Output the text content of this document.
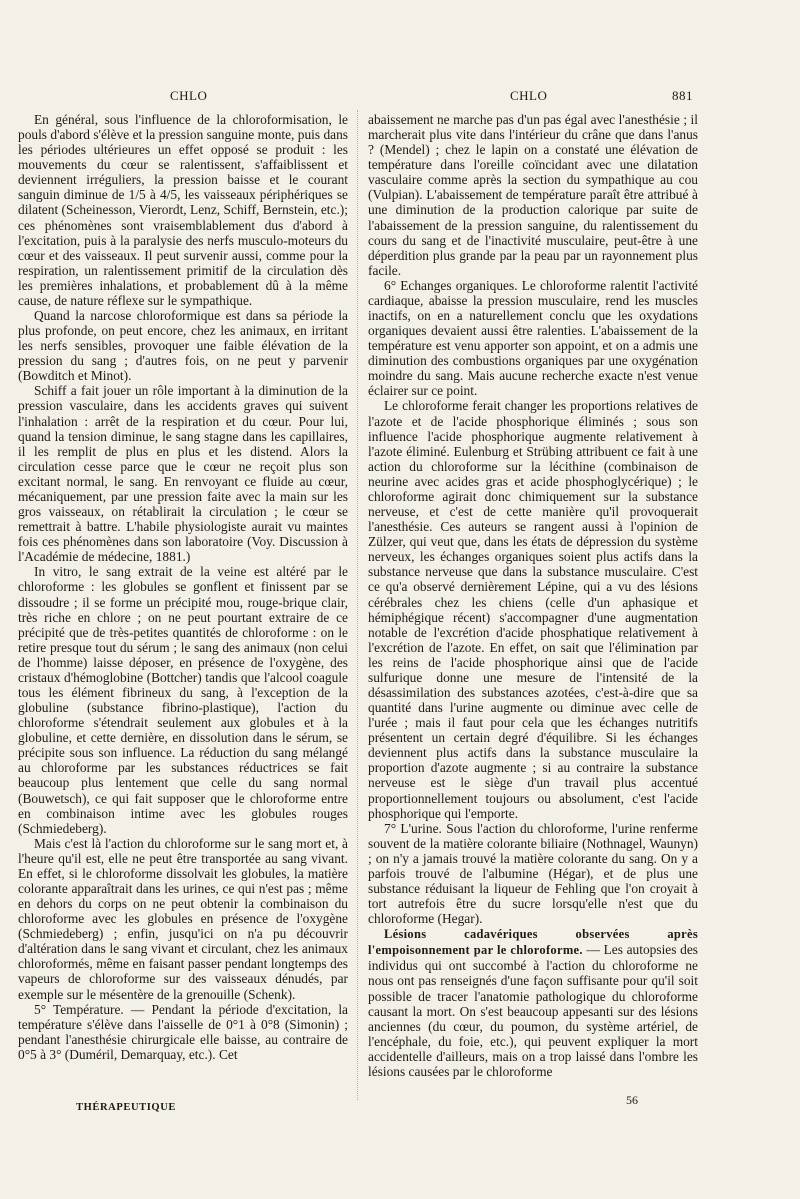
CHLO	CHLO	881

En général, sous l'influence de la chloroformisation, le pouls d'abord s'élève et la pression sanguine monte, puis dans les périodes ultérieures un effet opposé se produit : les mouvements du cœur se ralentissent, s'affaiblissent et deviennent irréguliers, la pression baisse et le courant sanguin diminue de 1/5 à 4/5, les vaisseaux périphériques se dilatent (Scheinesson, Vierordt, Lenz, Schiff, Bernstein, etc.); ces phénomènes sont vraisemblablement dus d'abord à l'excitation, puis à la paralysie des nerfs musculo-moteurs du cœur et des vaisseaux. Il peut survenir aussi, comme pour la respiration, un ralentissement primitif de la circulation dès les premières inhalations, et probablement dû à la même cause, de nature réflexe sur le sympathique.

Quand la narcose chloroformique est dans sa période la plus profonde, on peut encore, chez les animaux, en irritant les nerfs sensibles, provoquer une faible élévation de la pression du sang ; d'autres fois, on ne peut y parvenir (Bowditch et Minot).

Schiff a fait jouer un rôle important à la diminution de la pression vasculaire, dans les accidents graves qui suivent l'inhalation : arrêt de la respiration et du cœur. Pour lui, quand la tension diminue, le sang stagne dans les capillaires, il les remplit de plus en plus et les distend. Alors la circulation cesse parce que le cœur ne reçoit plus son excitant normal, le sang. En renvoyant ce fluide au cœur, mécaniquement, par une pression faite avec la main sur les gros vaisseaux, on rétablirait la circulation ; le cœur se remettrait à battre. L'habile physiologiste aurait vu maintes fois ces phénomènes dans son laboratoire (Voy. Discussion à l'Académie de médecine, 1881.)

In vitro, le sang extrait de la veine est altéré par le chloroforme : les globules se gonflent et finissent par se dissoudre ; il se forme un précipité mou, rouge-brique clair, très riche en chlore ; on ne peut pourtant extraire de ce précipité que de très-petites quantités de chloroforme : on le retire presque tout du sérum ; le sang des animaux (non celui de l'homme) laisse déposer, en présence de l'oxygène, des cristaux d'hémoglobine (Bottcher) tandis que l'alcool coagule tous les élément fibrineux du sang, à l'exception de la globuline (substance fibrino-plastique), l'action du chloroforme s'étendrait seulement aux globules et à la globuline, et cette dernière, en dissolution dans le sérum, se précipite sous son influence. La réduction du sang mélangé au chloroforme par les substances réductrices se fait beaucoup plus lentement que celle du sang normal (Bouwetsch), ce qui fait supposer que le chloroforme entre en combinaison intime avec les globules rouges (Schmiedeberg).

Mais c'est là l'action du chloroforme sur le sang mort et, à l'heure qu'il est, elle ne peut être transportée au sang vivant. En effet, si le chloroforme dissolvait les globules, la matière colorante apparaîtrait dans les urines, ce qui n'est pas ; même en dehors du corps on ne peut obtenir la combinaison du chloroforme avec les globules en présence de l'oxygène (Schmiedeberg) ; enfin, jusqu'ici on n'a pu découvrir d'altération dans le sang vivant et circulant, chez les animaux chloroformés, même en faisant passer pendant longtemps des vapeurs de chloroforme sur des vaisseaux dénudés, par exemple sur le mésentère de la grenouille (Schenk).

5° Température. — Pendant la période d'excitation, la température s'élève dans l'aisselle de 0°1 à 0°8 (Simonin) ; pendant l'anesthésie chirurgicale elle baisse, au contraire de 0°5 à 3° (Duméril, Demarquay, etc.). Cet

abaissement ne marche pas d'un pas égal avec l'anesthésie ; il marcherait plus vite dans l'intérieur du crâne que dans l'anus ? (Mendel) ; chez le lapin on a constaté une élévation de température dans l'oreille coïncidant avec une dilatation vasculaire comme après la section du sympathique au cou (Vulpian). L'abaissement de température paraît être attribué à une diminution de la production calorique par suite de l'abaissement de la pression sanguine, du ralentissement du cours du sang et de l'inactivité musculaire, peut-être à une déperdition plus grande par la peau par un rayonnement plus facile.

6° Echanges organiques. Le chloroforme ralentit l'activité cardiaque, abaisse la pression musculaire, rend les muscles inactifs, on en a naturellement conclu que les oxydations organiques devaient aussi être ralenties. L'abaissement de la température est venu apporter son appoint, et on a admis une diminution des combustions organiques par une oxygénation moindre du sang. Mais aucune recherche exacte n'est venue éclairer sur ce point.

Le chloroforme ferait changer les proportions relatives de l'azote et de l'acide phosphorique éliminés ; sous son influence l'acide phosphorique augmente relativement à l'azote éliminé. Eulenburg et Strübing attribuent ce fait à une action du chloroforme sur la lécithine (combinaison de neurine avec acides gras et acide phosphoglycérique) ; le chloroforme agirait donc chimiquement sur la substance nerveuse, et c'est de cette manière qu'il provoquerait l'anesthésie. Ces auteurs se rangent aussi à l'opinion de Zülzer, qui veut que, dans les états de dépression du système nerveux, les échanges organiques soient plus actifs dans la substance nerveuse que dans la substance musculaire. C'est ce qu'a observé dernièrement Lépine, qui a vu des lésions cérébrales chez les chiens (celle d'un aphasique et hémiphégique récent) s'accompagner d'une augmentation notable de l'excrétion d'acide phosphatique relativement à l'excrétion de l'azote. En effet, on sait que l'élimination par les reins de l'acide phosphorique ainsi que de l'acide sulfurique donne une mesure de l'intensité de la désassimilation des substances azotées, c'est-à-dire que sa quantité dans l'urine augmente ou diminue avec celle de l'urée ; mais il faut pour cela que les échanges nutritifs présentent un certain degré d'équilibre. Si les échanges deviennent plus actifs dans la substance musculaire la proportion d'azote augmente ; si au contraire la substance nerveuse est le siège d'un travail plus accentué proportionnellement toujours ou absolument, c'est l'acide phosphorique qui l'emporte.

7° L'urine. Sous l'action du chloroforme, l'urine renferme souvent de la matière colorante biliaire (Nothnagel, Waunyn) ; on n'y a jamais trouvé la matière colorante du sang. On y a parfois trouvé de l'albumine (Hégar), et de plus une substance réduisant la liqueur de Fehling que l'on croyait à tort autrefois être du sucre lorsqu'elle n'est que du chloroforme (Hegar).

Lésions cadavériques observées après l'empoisonnement par le chloroforme. — Les autopsies des individus qui ont succombé à l'action du chloroforme ne nous ont pas renseignés d'une façon suffisante pour qu'il soit possible de tracer l'anatomie pathologique du chloroforme causant la mort. On s'est beaucoup appesanti sur des lésions anciennes (du cœur, du poumon, du système artériel, de l'encéphale, du foie, etc.), qui peuvent expliquer la mort accidentelle d'ailleurs, mais on a trop laissé dans l'ombre les lésions causées par le chloroforme

THÉRAPEUTIQUE
56
